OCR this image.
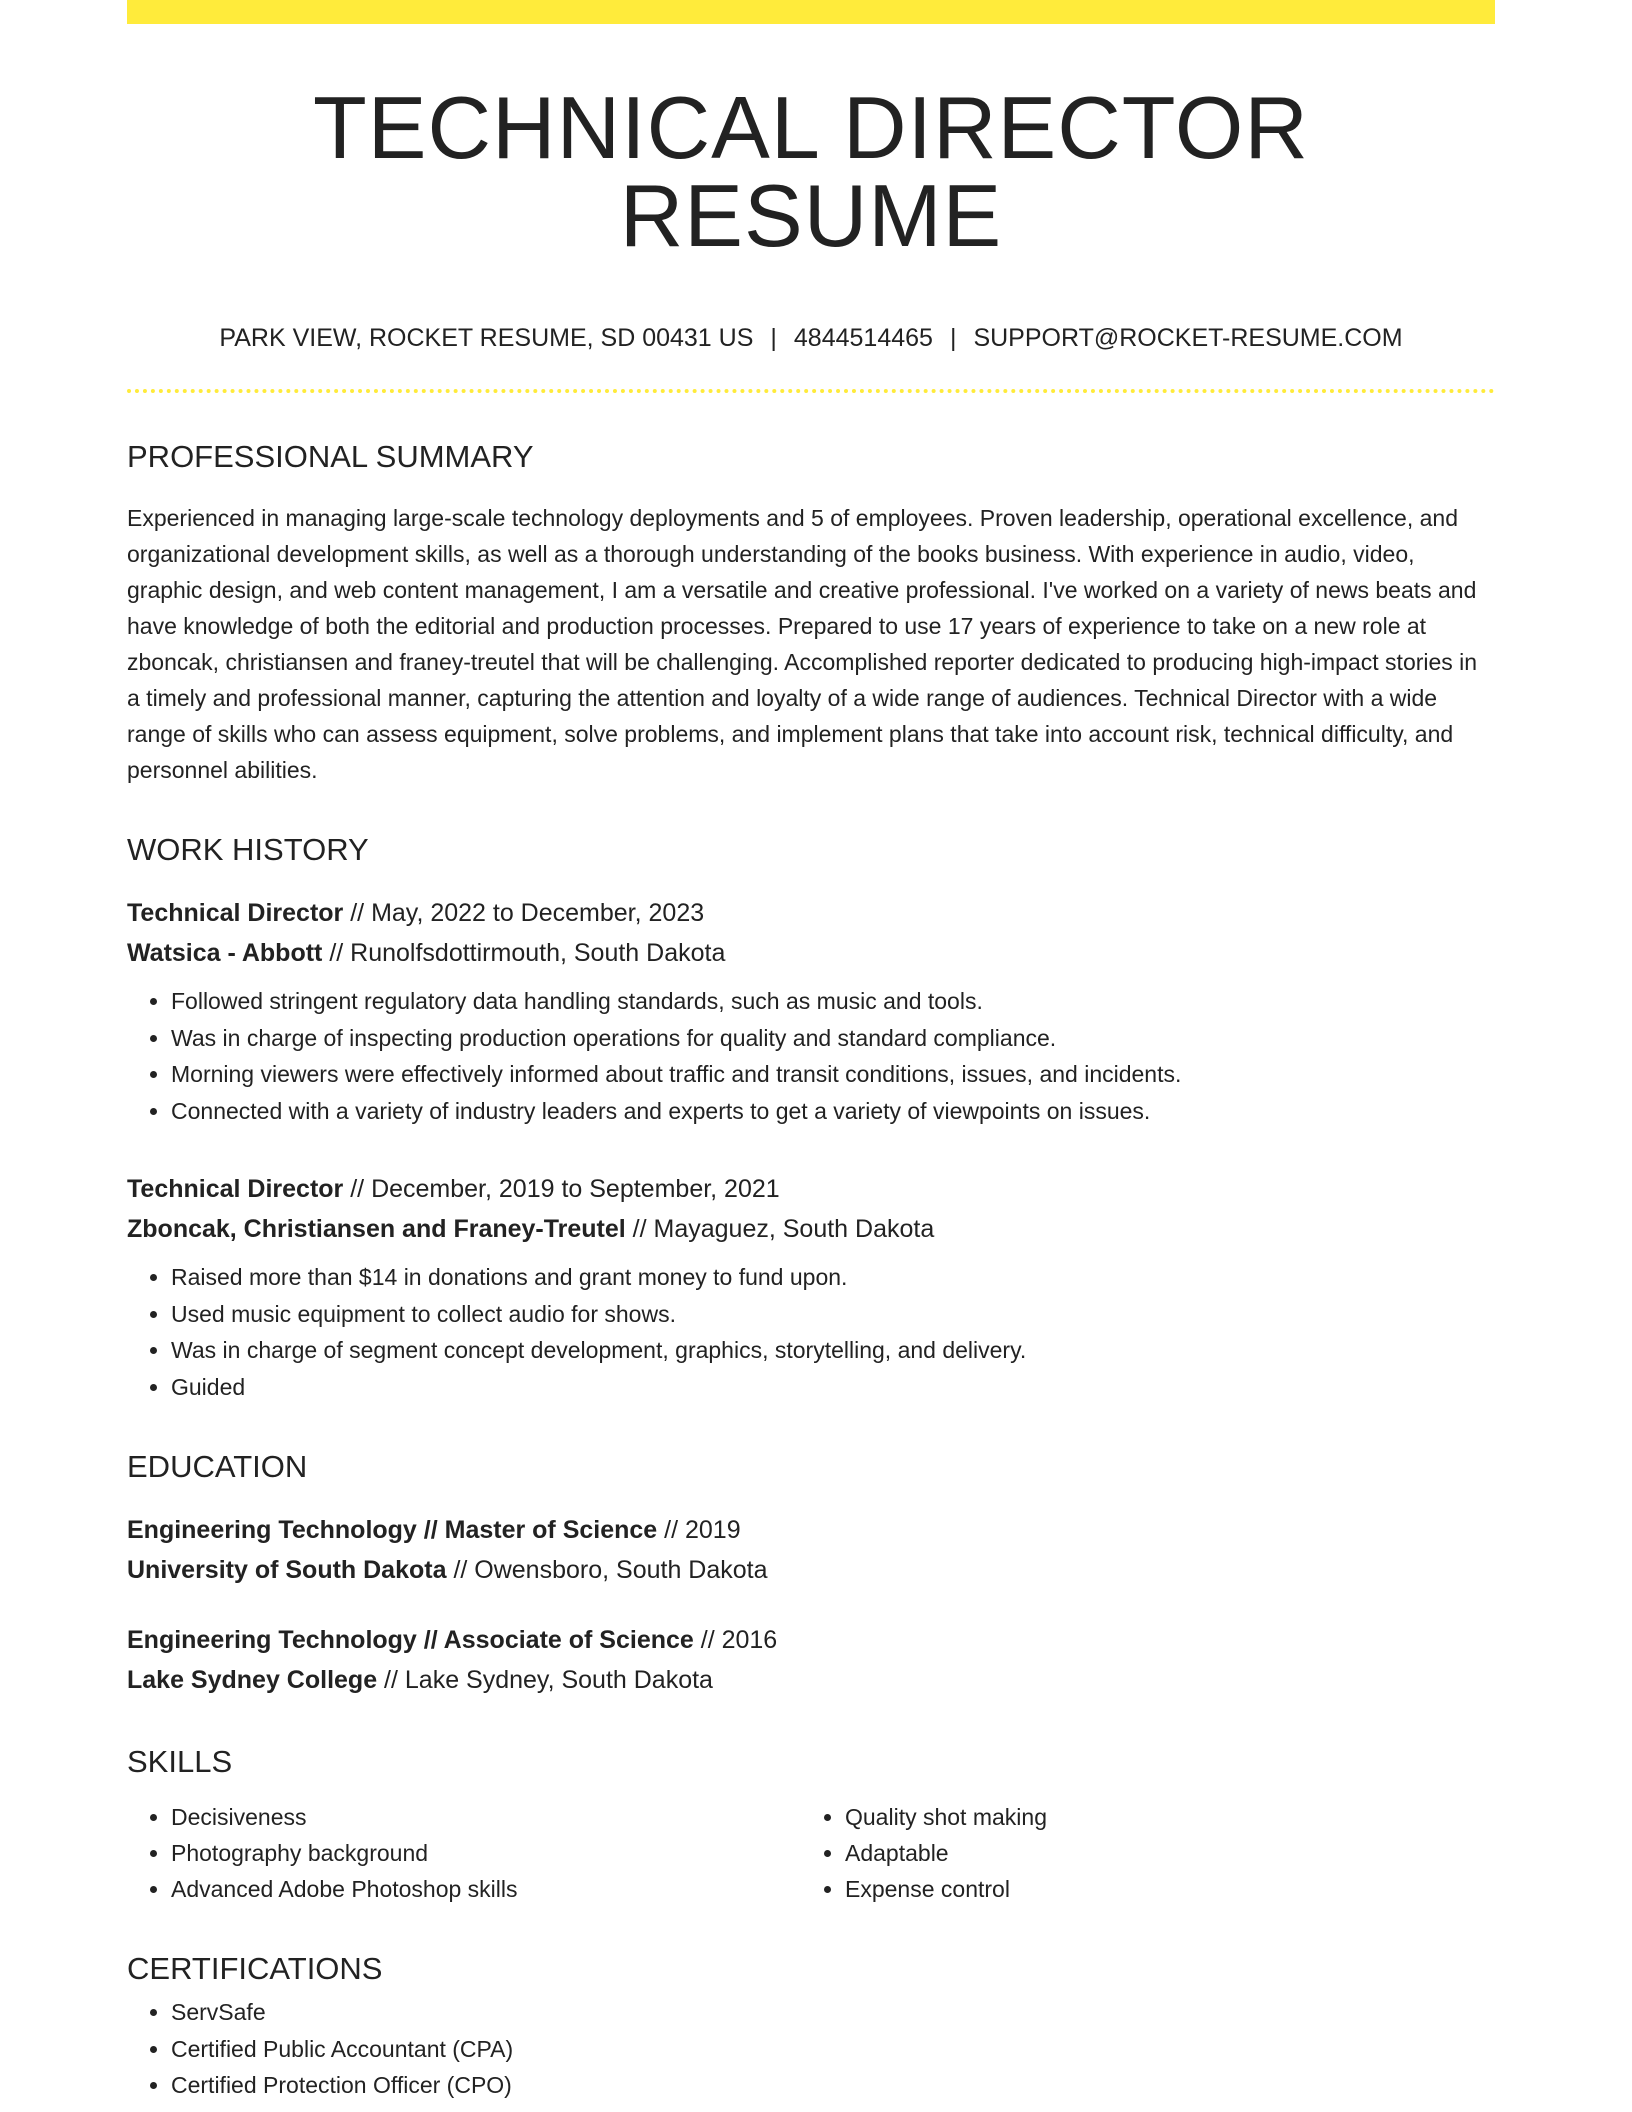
TECHNICAL DIRECTOR RESUME
PARK VIEW, ROCKET RESUME, SD 00431 US | 4844514465 | SUPPORT@ROCKET-RESUME.COM
PROFESSIONAL SUMMARY
Experienced in managing large-scale technology deployments and 5 of employees. Proven leadership, operational excellence, and organizational development skills, as well as a thorough understanding of the books business. With experience in audio, video, graphic design, and web content management, I am a versatile and creative professional. I've worked on a variety of news beats and have knowledge of both the editorial and production processes. Prepared to use 17 years of experience to take on a new role at zboncak, christiansen and franey-treutel that will be challenging. Accomplished reporter dedicated to producing high-impact stories in a timely and professional manner, capturing the attention and loyalty of a wide range of audiences. Technical Director with a wide range of skills who can assess equipment, solve problems, and implement plans that take into account risk, technical difficulty, and personnel abilities.
WORK HISTORY
Technical Director // May, 2022 to December, 2023
Watsica - Abbott // Runolfsdottirmouth, South Dakota
• Followed stringent regulatory data handling standards, such as music and tools.
• Was in charge of inspecting production operations for quality and standard compliance.
• Morning viewers were effectively informed about traffic and transit conditions, issues, and incidents.
• Connected with a variety of industry leaders and experts to get a variety of viewpoints on issues.
Technical Director // December, 2019 to September, 2021
Zboncak, Christiansen and Franey-Treutel // Mayaguez, South Dakota
• Raised more than $14 in donations and grant money to fund upon.
• Used music equipment to collect audio for shows.
• Was in charge of segment concept development, graphics, storytelling, and delivery.
• Guided
EDUCATION
Engineering Technology // Master of Science // 2019
University of South Dakota // Owensboro, South Dakota
Engineering Technology // Associate of Science // 2016
Lake Sydney College // Lake Sydney, South Dakota
SKILLS
• Decisiveness
• Photography background
• Advanced Adobe Photoshop skills
• Quality shot making
• Adaptable
• Expense control
CERTIFICATIONS
• ServSafe
• Certified Public Accountant (CPA)
• Certified Protection Officer (CPO)
